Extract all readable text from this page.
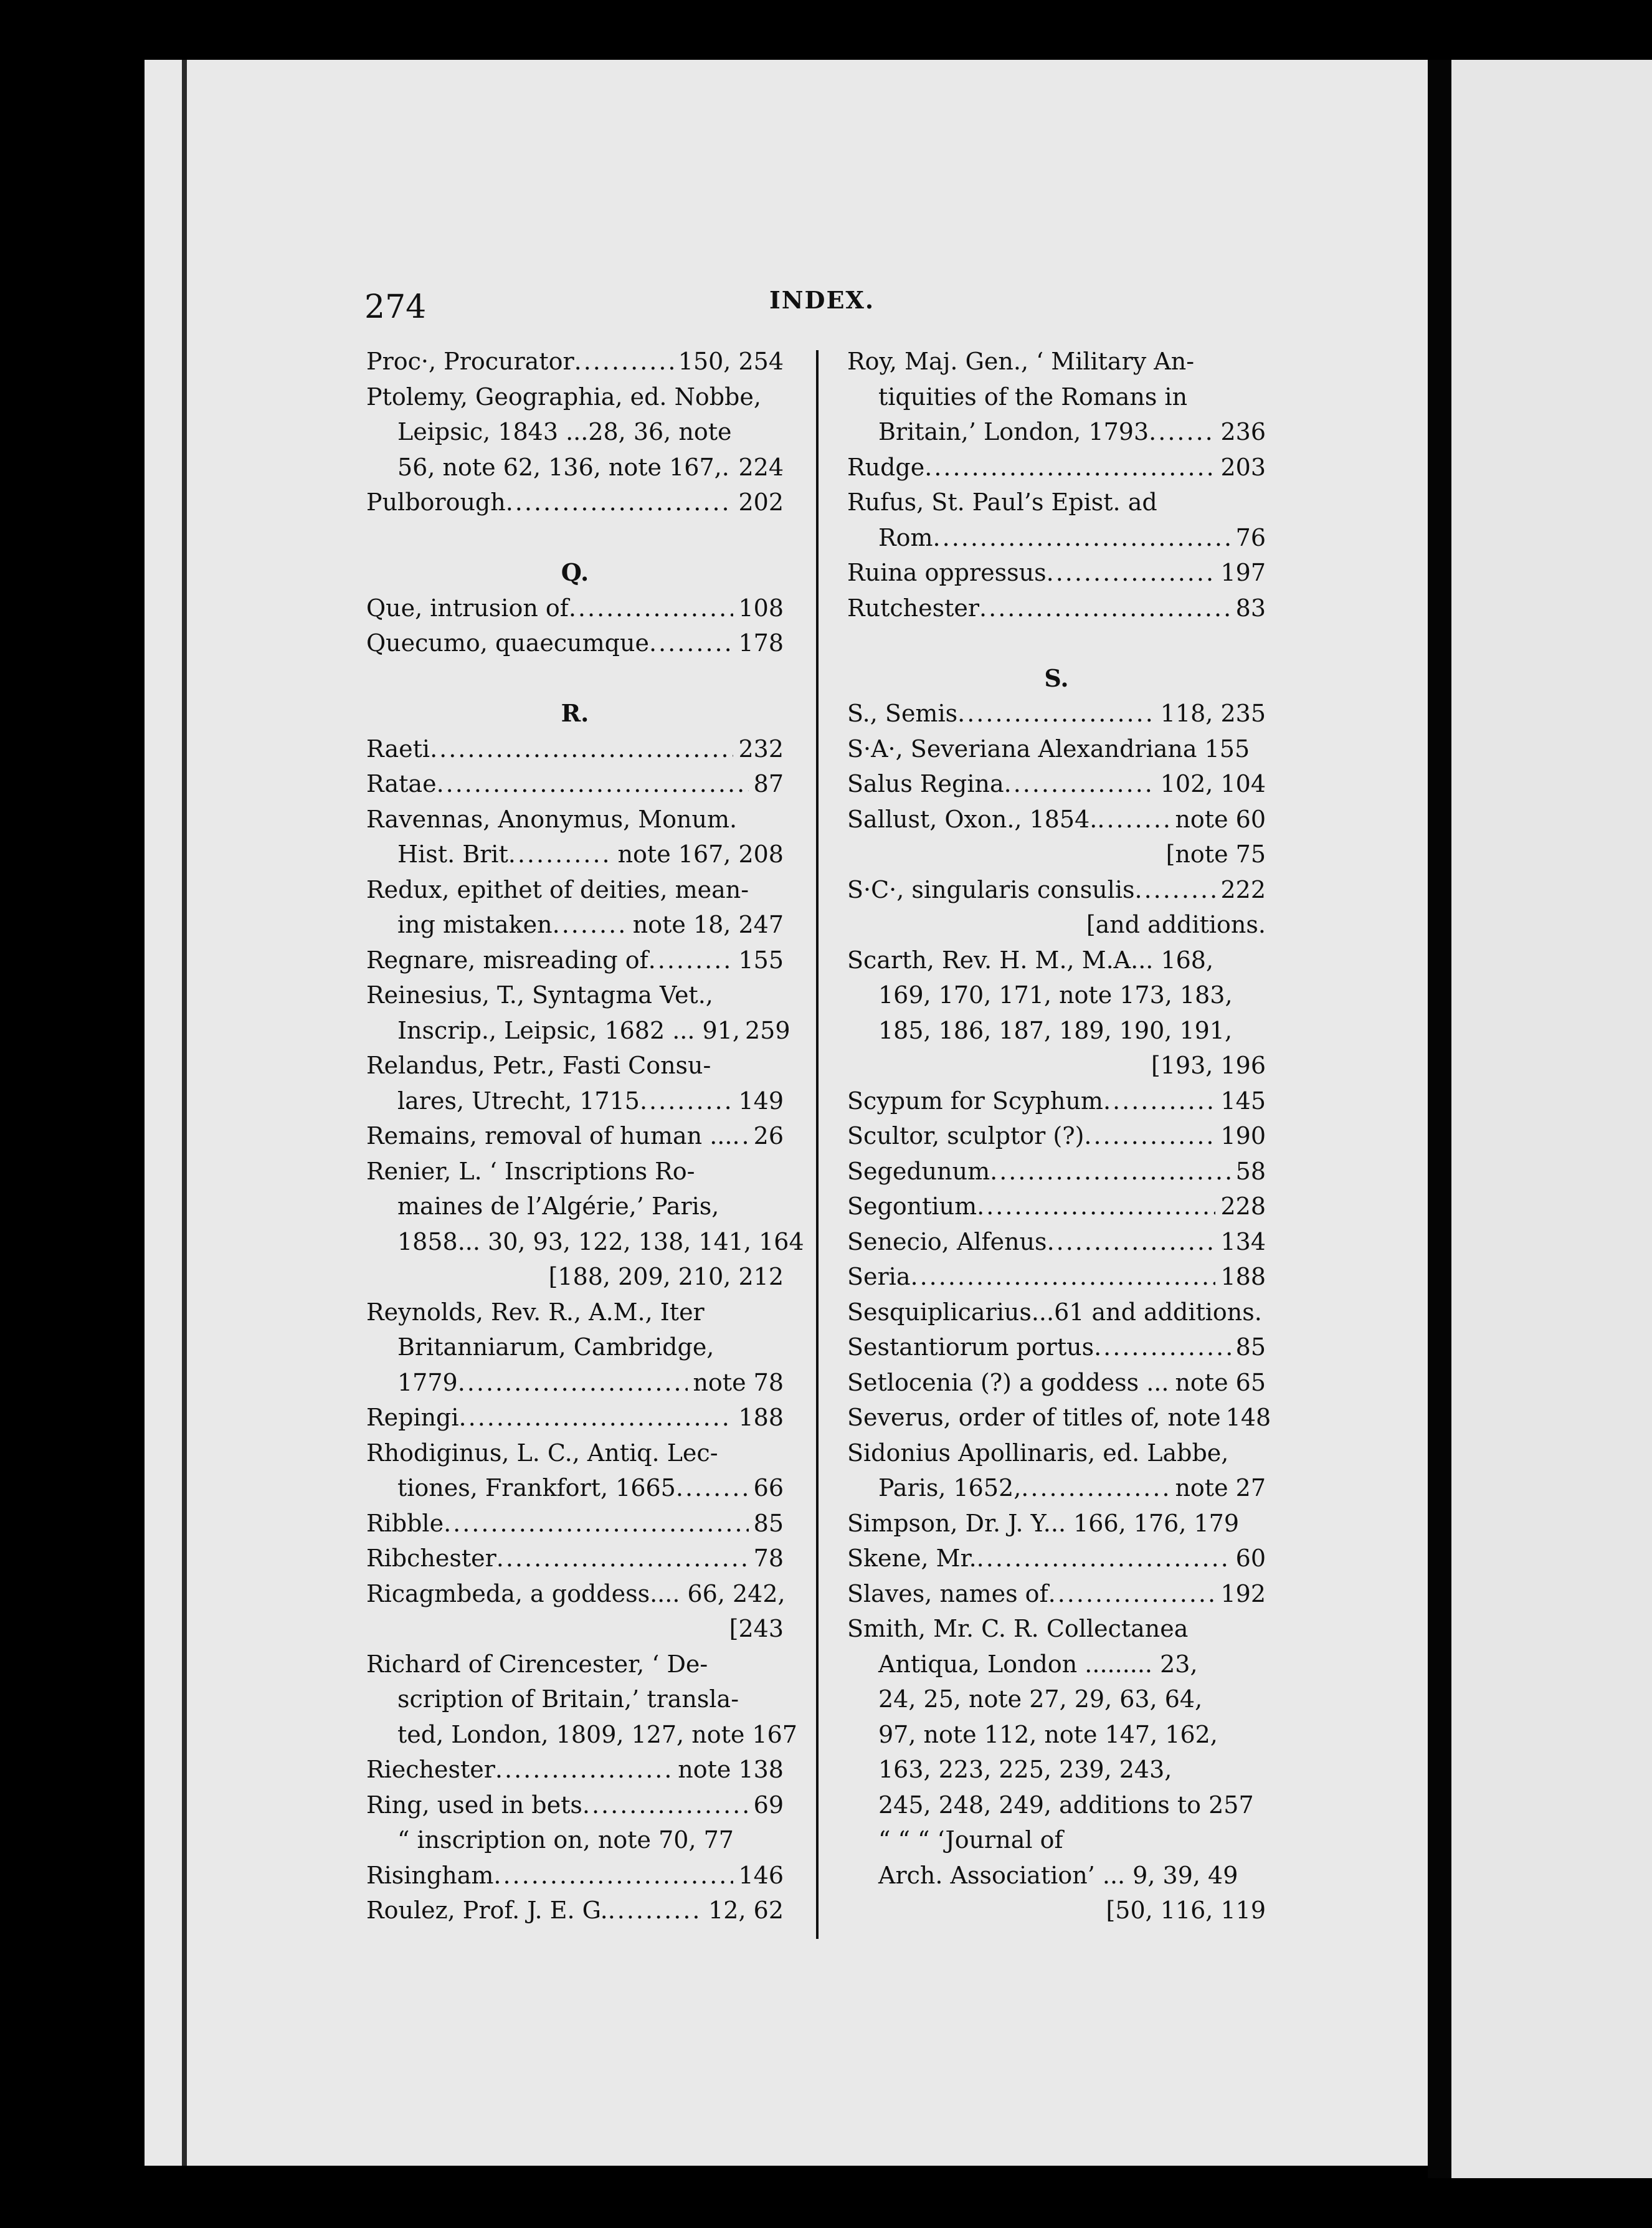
274	INDEX.
Proc·, Procurator .....	150, 254
Ptolemy, Geographia, ed. Nobbe,
Leipsic, 1843 ...28, 36, note
56, note 62, 136, note 167, ..... 224
Pulborough .....	202
Q.
Que, intrusion of .....	108
Quecumo, quaecumque .....	178
R.
Raeti .....	232
Ratae .....	87
Ravennas, Anonymus, Monum.
Hist. Brit .....	note 167, 208
Redux, epithet of deities, mean-
ing mistaken .....	note 18, 247
Regnare, misreading of .....	155
Reinesius, T., Syntagma Vet.,
Inscrip., Leipsic, 1682 ... 91, 259
Relandus, Petr., Fasti Consu-
lares, Utrecht, 1715 .....	149
Remains, removal of human ... ..... 26
Renier, L. ‘ Inscriptions Ro-
maines de l’Algérie,’ Paris,
1858... 30, 93, 122, 138, 141, 164
[188, 209, 210, 212
Reynolds, Rev. R., A.M., Iter
Britanniarum, Cambridge,
1779 .....	note 78
Repingi .....	188
Rhodiginus, L. C., Antiq. Lec-
tiones, Frankfort, 1665 .....	66
Ribble .....	85
Ribchester .....	78
Ricagmbeda, a goddess.... 66, 242,
[243
Richard of Cirencester, ‘ De-
scription of Britain,’ transla-
ted, London, 1809, 127, note 167
Riechester .....	note 138
Ring, used in bets .....	69
“ inscription on, note 70, 77
Risingham .....	146
Roulez, Prof. J. E. G. .....	12, 62
Roy, Maj. Gen., ‘ Military An-
tiquities of the Romans in
Britain,’ London, 1793 .....	236
Rudge .....	203
Rufus, St. Paul’s Epist. ad
Rom .....	76
Ruina oppressus .....	197
Rutchester .....	83
S.
S., Semis .....	118, 235
S·A·, Severiana Alexandriana 155
Salus Regina .....	102, 104
Sallust, Oxon., 1854. .....	note 60
[note 75
S·C·, singularis consulis .....	222
[and additions.
Scarth, Rev. H. M., M.A... 168,
169, 170, 171, note 173, 183,
185, 186, 187, 189, 190, 191,
[193, 196
Scypum for Scyphum .....	145
Scultor, sculptor (?) .....	190
Segedunum .....	58
Segontium .....	228
Senecio, Alfenus .....	134
Seria .....	188
Sesquiplicarius...61 and additions.
Sestantiorum portus .....	85
Setlocenia (?) a goddess ... ..... note 65
Severus, order of titles of, note 148
Sidonius Apollinaris, ed. Labbe,
Paris, 1652, .....	note 27
Simpson, Dr. J. Y... 166, 176, 179
Skene, Mr. .....	60
Slaves, names of .....	192
Smith, Mr. C. R. Collectanea
Antiqua, London ......... 23,
24, 25, note 27, 29, 63, 64,
97, note 112, note 147, 162,
163, 223, 225, 239, 243,
245, 248, 249, additions to 257
“ “ “ ‘Journal of
Arch. Association’ ... 9, 39, 49
[50, 116, 119
